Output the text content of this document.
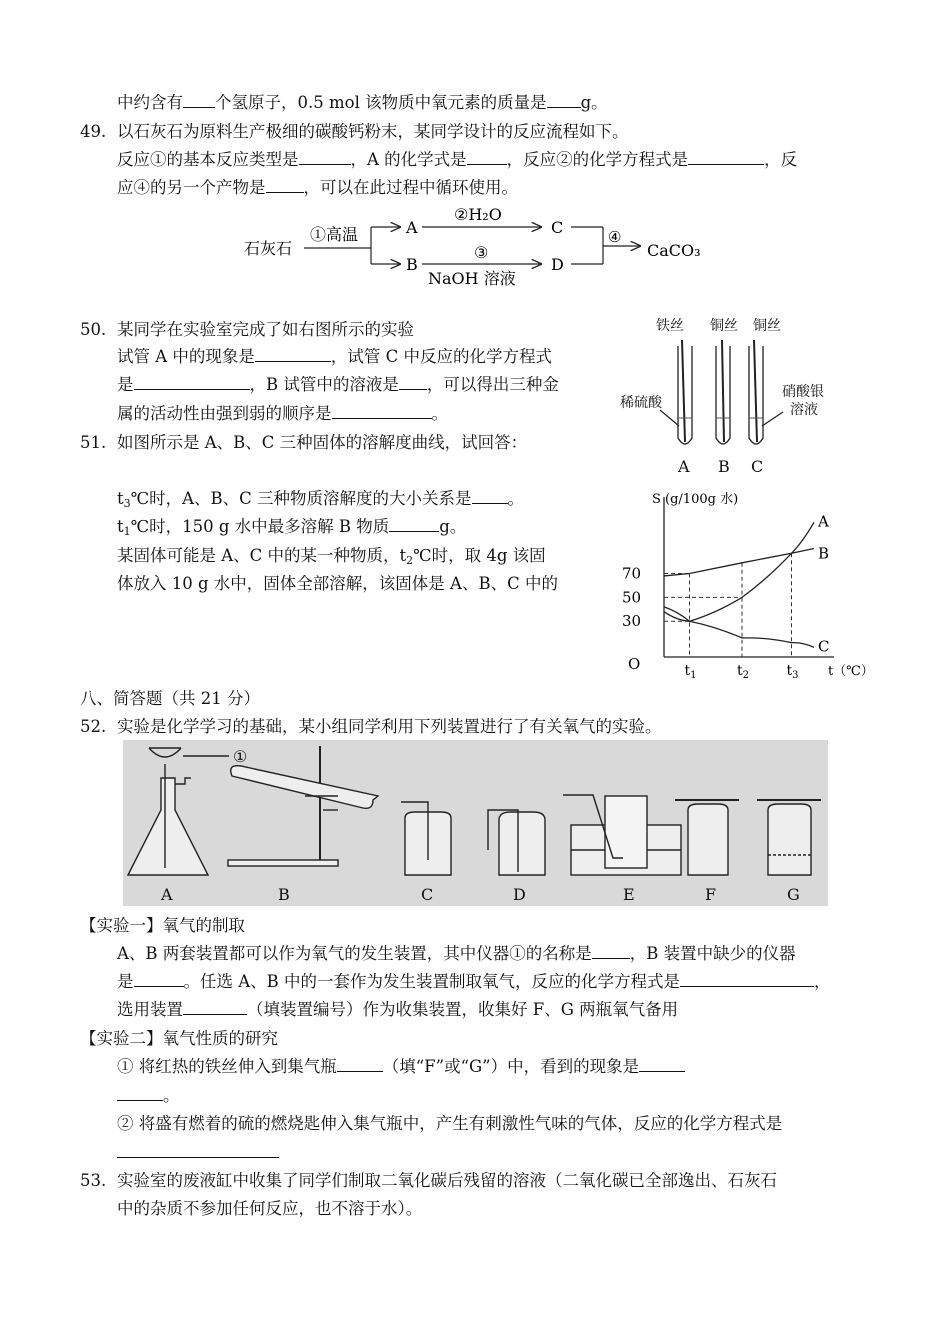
中约含有 个氢原子，0.5 mol 该物质中氧元素的质量是 g。
49. 以石灰石为原料生产极细的碳酸钙粉末，某同学设计的反应流程如下。
反应①的基本反应类型是	，A 的化学式是 ，反应②的化学方程式是	，反
应④的另一个产物是 ，可以在此过程中循环使用。
石灰石
①高温	A
B
②H₂O
③
NaOH 溶液
C
D
④
CaCO₃
50. 某同学在实验室完成了如右图所示的实验
试管 A 中的现象是	，试管 C 中反应的化学方程式
是	，B 试管中的溶液是 ，可以得出三种金
属的活动性由强到弱的顺序是	。
铁丝 铜丝 铜丝
稀硫酸
硝酸银
溶液
A B C
51. 如图所示是 A、B、C 三种固体的溶解度曲线，试回答：
$t_3℃$时，A、B、C 三种物质溶解度的大小关系是 。
$t_1℃$时，150 g 水中最多溶解 B 物质	g。
某固体可能是 A、C 中的某一种物质，$t_2℃$时，取 4g 该固
体放入 10 g 水中，固体全部溶解，该固体是 A、B、C 中的
S (g/100g 水)
t（℃）
O
70
50
30
$t_1$	$t_2$	$t_3$
A
B
C
八、简答题（共 21 分）
52. 实验是化学学习的基础，某小组同学利用下列装置进行了有关氧气的实验。
①
A	B	C	D	E	F	G
【实验一】氧气的制取
A、B 两套装置都可以作为氧气的发生装置，其中仪器①的名称是 ，B 装置中缺少的仪器
是	。任选 A、B 中的一套作为发生装置制取氧气，反应的化学方程式是	，
选用装置	（填装置编号）作为收集装置，收集好 F、G 两瓶氧气备用
【实验二】氧气性质的研究
① 将红热的铁丝伸入到集气瓶	（填“F”或“G”）中，看到的现象是
。
② 将盛有燃着的硫的燃烧匙伸入集气瓶中，产生有刺激性气味的气体，反应的化学方程式是
53. 实验室的废液缸中收集了同学们制取二氧化碳后残留的溶液（二氧化碳已全部逸出、石灰石
中的杂质不参加任何反应，也不溶于水）。
